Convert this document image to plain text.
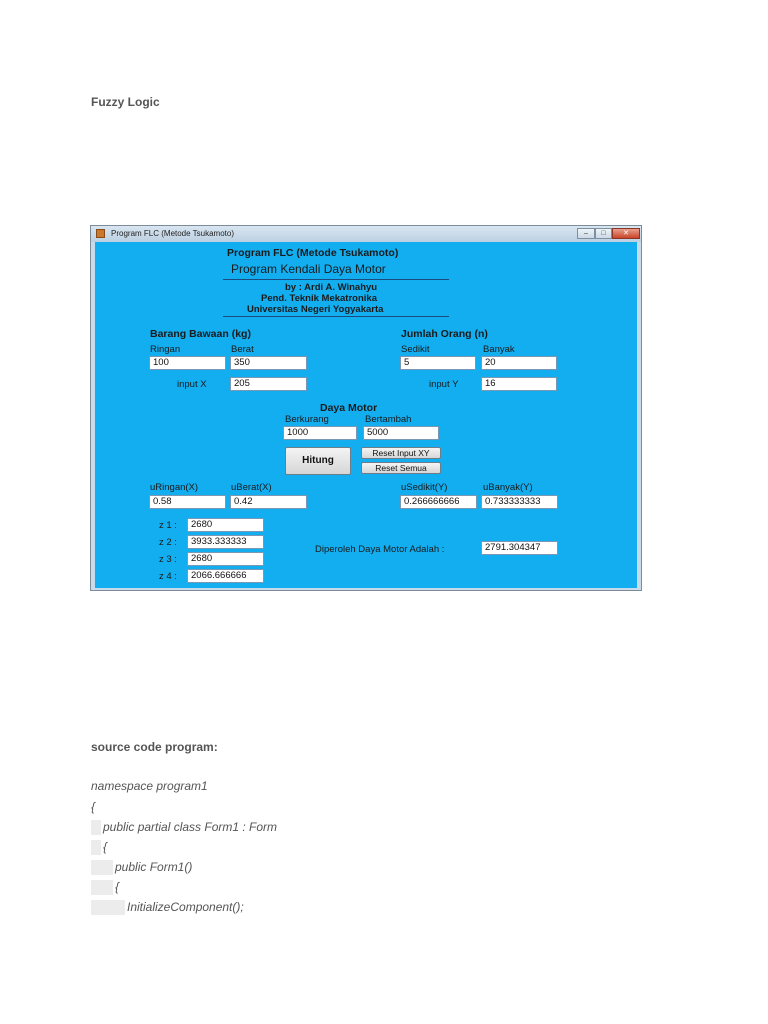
Fuzzy Logic
Program FLC (Metode Tsukamoto)	–	□	✕
Program FLC (Metode Tsukamoto)
Program Kendali Daya Motor
by : Ardi A. Winahyu
Pend. Teknik Mekatronika
Universitas Negeri Yogyakarta
Barang Bawaan (kg)
Ringan
100
Berat
350
input X	205
Jumlah Orang (n)
Sedikit
5
Banyak
20
input Y	16
Daya Motor
Berkurang
1000
Bertambah
5000
Hitung
Reset Input XY
Reset Semua
uRingan(X)
0.58
uBerat(X)
0.42
uSedikit(Y)
0.266666666
uBanyak(Y)
0.733333333
z 1 :	2680
z 2 :	3933.333333
z 3 :	2680
z 4 :	2066.666666
Diperoleh Daya Motor Adalah :	2791.304347
source code program:
namespace program1
{
public partial class Form1 : Form
{
public Form1()
{
InitializeComponent();
